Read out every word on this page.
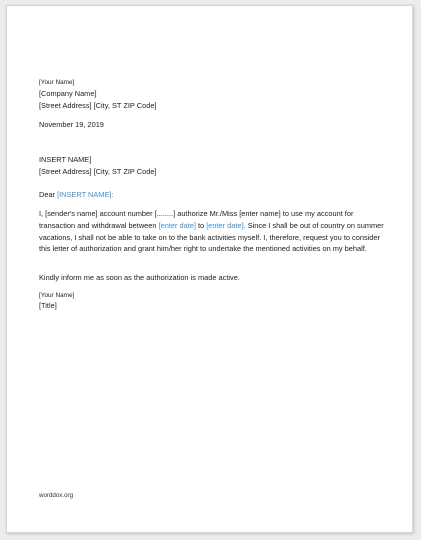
[Your Name]
[Company Name]
[Street Address] [City, ST ZIP Code]
November 19, 2019
INSERT NAME]
[Street Address] [City, ST ZIP Code]
Dear [INSERT NAME]:
I, [sender's name] account number [........] authorize Mr./Miss [enter name] to use my account for transaction and withdrawal between [enter date] to [enter date]. Since I shall be out of country on summer vacations, I shall not be able to take on to the bank activities myself. I, therefore, request you to consider this letter of authorization and grant him/her right to undertake the mentioned activities on my behalf.
Kindly inform me as soon as the authorization is made active.
[Your Name]
[Title]
worddox.org
